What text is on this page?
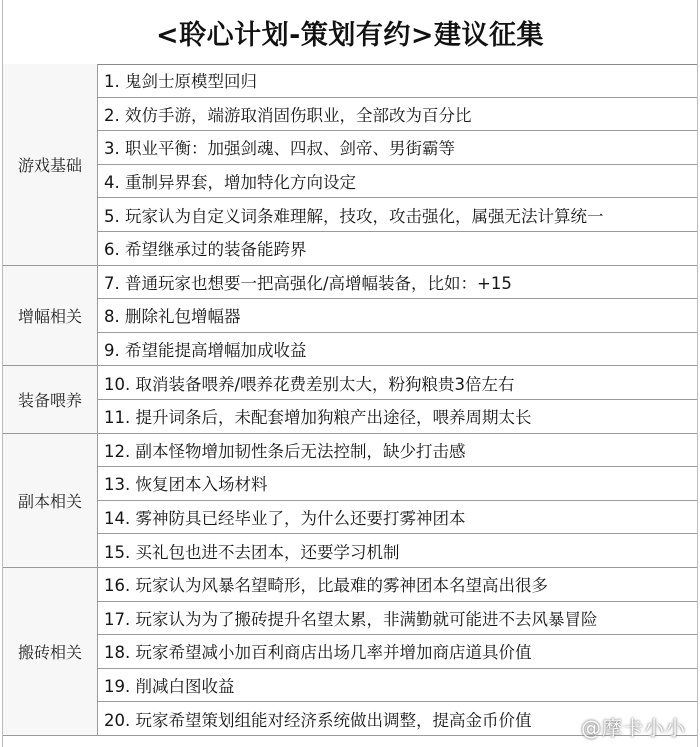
<聆心计划-策划有约>建议征集
游戏基础
1. 鬼剑士原模型回归
2. 效仿手游，端游取消固伤职业，全部改为百分比
3. 职业平衡：加强剑魂、四叔、剑帝、男街霸等
4. 重制异界套，增加特化方向设定
5. 玩家认为自定义词条难理解，技攻，攻击强化，属强无法计算统一
6. 希望继承过的装备能跨界
增幅相关
7. 普通玩家也想要一把高强化/高增幅装备，比如：+15
8. 删除礼包增幅器
9. 希望能提高增幅加成收益
装备喂养
10. 取消装备喂养/喂养花费差别太大，粉狗粮贵3倍左右
11. 提升词条后，未配套增加狗粮产出途径，喂养周期太长
副本相关
12. 副本怪物增加韧性条后无法控制，缺少打击感
13. 恢复团本入场材料
14. 雾神防具已经毕业了，为什么还要打雾神团本
15. 买礼包也进不去团本，还要学习机制
搬砖相关
16. 玩家认为风暴名望畸形，比最难的雾神团本名望高出很多
17. 玩家认为为了搬砖提升名望太累，非满勤就可能进不去风暴冒险
18. 玩家希望减小加百利商店出场几率并增加商店道具价值
19. 削减白图收益
20. 玩家希望策划组能对经济系统做出调整，提高金币价值	@摩卡小小
